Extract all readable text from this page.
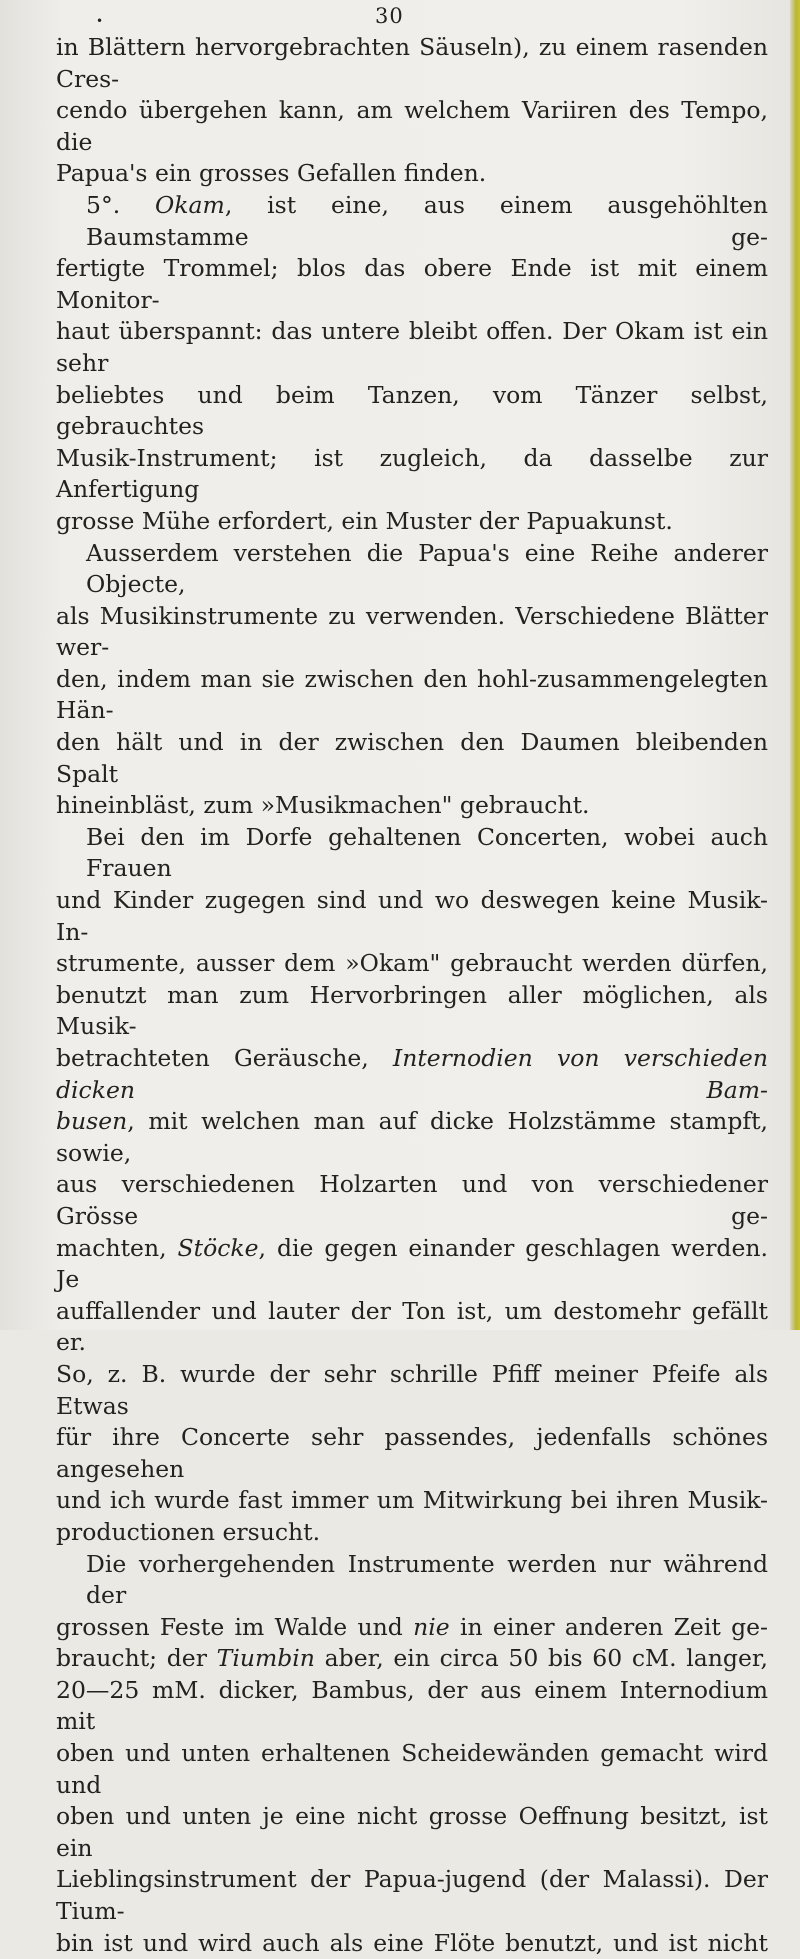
•	30

in Blättern hervorgebrachten Säuseln), zu einem rasenden Cres-

cendo übergehen kann, am welchem Variiren des Tempo, die

Papua's ein grosses Gefallen finden.

5°. Okam, ist eine, aus einem ausgehöhlten Baumstamme ge-

fertigte Trommel; blos das obere Ende ist mit einem Monitor-

haut überspannt: das untere bleibt offen. Der Okam ist ein sehr

beliebtes und beim Tanzen, vom Tänzer selbst, gebrauchtes

Musik-Instrument; ist zugleich, da dasselbe zur Anfertigung

grosse Mühe erfordert, ein Muster der Papuakunst.

Ausserdem verstehen die Papua's eine Reihe anderer Objecte,

als Musikinstrumente zu verwenden. Verschiedene Blätter wer-

den, indem man sie zwischen den hohl-zusammengelegten Hän-

den hält und in der zwischen den Daumen bleibenden Spalt

hineinbläst, zum »Musikmachen" gebraucht.

Bei den im Dorfe gehaltenen Concerten, wobei auch Frauen

und Kinder zugegen sind und wo deswegen keine Musik-In-

strumente, ausser dem »Okam" gebraucht werden dürfen,

benutzt man zum Hervorbringen aller möglichen, als Musik-

betrachteten Geräusche, Internodien von verschieden dicken Bam-

busen, mit welchen man auf dicke Holzstämme stampft, sowie,

aus verschiedenen Holzarten und von verschiedener Grösse ge-

machten, Stöcke, die gegen einander geschlagen werden. Je

auffallender und lauter der Ton ist, um destomehr gefällt er.

So, z. B. wurde der sehr schrille Pfiff meiner Pfeife als Etwas

für ihre Concerte sehr passendes, jedenfalls schönes angesehen

und ich wurde fast immer um Mitwirkung bei ihren Musik-

productionen ersucht.

Die vorhergehenden Instrumente werden nur während der

grossen Feste im Walde und nie in einer anderen Zeit ge-

braucht; der Tiumbin aber, ein circa 50 bis 60 cM. langer,

20—25 mM. dicker, Bambus, der aus einem Internodium mit

oben und unten erhaltenen Scheidewänden gemacht wird und

oben und unten je eine nicht grosse Oeffnung besitzt, ist ein

Lieblingsinstrument der Papua-jugend (der Malassi). Der Tium-

bin ist und wird auch als eine Flöte benutzt, und ist nicht
